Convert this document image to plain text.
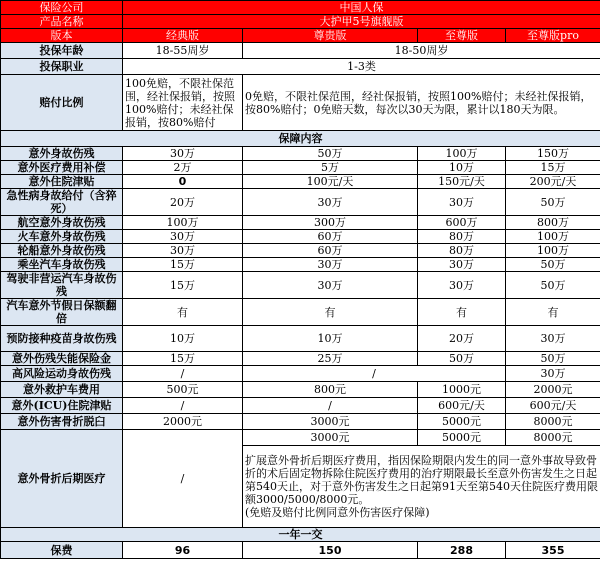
保险公司	中国人保			
产品名称	大护甲5号旗舰版			
版本	经典版	尊贵版	至尊版	至尊版pro
投保年龄	18-55周岁	18-50周岁		
投保职业	1-3类			
赔付比例	100免赔，不限社保范围，经社保报销，按照100%赔付；未经社保报销，按80%赔付	0免赔，不限社保范围，经社保报销，按照100%赔付；未经社保报销，按80%赔付；0免赔天数，每次以30天为限，累计以180天为限。		
保障内容				
意外身故伤残	30万	50万	100万	150万
意外医疗费用补偿	2万	5万	10万	15万
意外住院津贴	0	100元/天	150元/天	200元/天
急性病身故给付（含猝死）	20万	30万	30万	50万
航空意外身故伤残	100万	300万	600万	800万
火车意外身故伤残	30万	60万	80万	100万
轮船意外身故伤残	30万	60万	80万	100万
乘坐汽车身故伤残	15万	30万	30万	50万
驾驶非营运汽车身故伤残	15万	30万	30万	50万
汽车意外节假日保额翻倍	有	有	有	有
预防接种疫苗身故伤残	10万	10万	20万	30万
意外伤残失能保险金	15万	25万	50万	50万
高风险运动身故伤残	/	/		30万
意外救护车费用	500元	800元	1000元	2000元
意外(ICU)住院津贴	/	/	600元/天	600元/天
意外伤害骨折脱臼	2000元	3000元	5000元	8000元
意外骨折后期医疗	/	3000元	5000元	8000元

		扩展意外骨折后期医疗费用，指因保险期限内发生的同一意外事故导致骨折的术后固定物拆除住院医疗费用的治疗期限最长至意外伤害发生之日起第540天止，对于意外伤害发生之日起第91天至第540天住院医疗费用限额3000/5000/8000元。
(免赔及赔付比例同意外伤害医疗保障)		

一年一交				
保费	96	150	288	355
